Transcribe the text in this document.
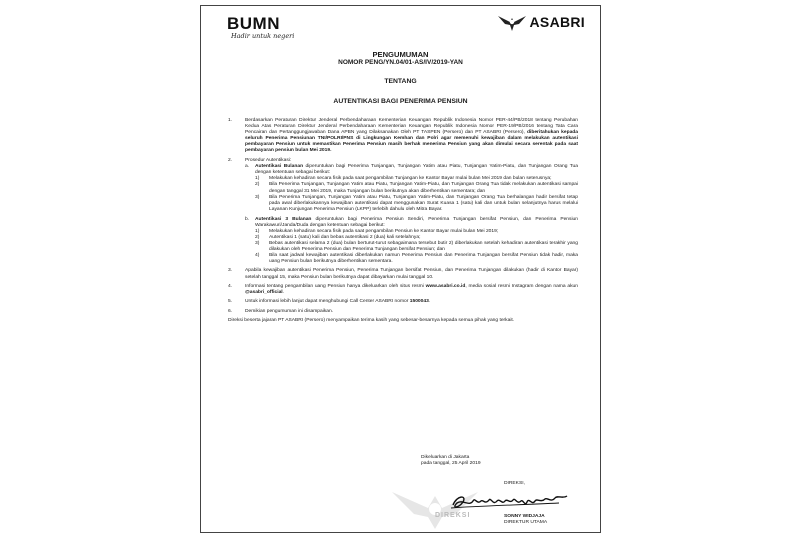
BUMN
Hadir untuk negeri
ASABRI
PENGUMUMAN
NOMOR PENG/YN.04/01-AS/IV/2019-YAN
TENTANG
AUTENTIKASI BAGI PENERIMA PENSIUN
1.	Berdasarkan Peraturan Direktur Jenderal Perbendaharaan Kementerian Keuangan Republik Indonesia Nomor PER-44/PB/2018 tentang Perubahan Kedua Atas Peraturan Direktur Jenderal Perbendaharaan Kementerian Keuangan Republik Indonesia Nomor PER-19/PB/2016 tentang Tata Cara Pencairan dan Pertanggungjawaban Dana APBN yang Dilaksanakan Oleh PT TASPEN (Persero) dan PT ASABRI (Persero), diberitahukan kepada seluruh Penerima Pensiunan TNI/POLRI/PNS di Lingkungan Kemhan dan Polri agar memenuhi kewajiban dalam melakukan autentikasi pembayaran Pensiun untuk memastikan Penerima Pensiun masih berhak menerima Pensiun yang akan dimulai secara serentak pada saat pembayaran pensiun bulan Mei 2019.
2.	Prosedur Autentikasi:
a. Autentikasi Bulanan diperuntukan bagi Penerima Tunjangan, Tunjangan Yatim atau Piatu, Tunjangan Yatim-Piatu, dan Tunjangan Orang Tua dengan ketentuan sebagai berikut:
1) Melakukan kehadiran secara fisik pada saat pengambilan Tunjangan ke Kantor Bayar mulai bulan Mei 2019 dan bulan seterusnya;
2) Bila Penerima Tunjangan, Tunjangan Yatim atau Piatu, Tunjangan Yatim-Piatu, dan Tunjangan Orang Tua tidak melakukan autentikasi sampai dengan tanggal 31 Mei 2019, maka Tunjangan bulan berikutnya akan diberhentikan sementara; dan
3) Bila Penerima Tunjangan, Tunjangan Yatim atau Piatu, Tunjangan Yatim-Piatu, dan Tunjangan Orang Tua berhalangan hadir bersifat tetap pada awal diberlakukannya kewajiban autentikasi dapat menggunakan Surat Kuasa 1 (satu) kali dan untuk bulan selanjutnya harus melalui Layanan Kunjungan Penerima Pensiun (LKPP) terlebih dahulu oleh Mitra Bayar.
b. Autentikasi 3 Bulanan diperuntukan bagi Penerima Pensiun Sendiri, Penerima Tunjangan bersifat Pensiun, dan Penerima Pensiun Warakawuri/Janda/Duda dengan ketentuan sebagai berikut:
1) Melakukan kehadiran secara fisik pada saat pengambilan Pensiun ke Kantor Bayar mulai bulan Mei 2019;
2) Autentikasi 1 (satu) kali dan bebas autentikasi 2 (dua) kali setelahnya;
3) Bebas autentikasi selama 2 (dua) bulan berturut-turut sebagaimana tersebut butir 2) diberlakukan setelah kehadiran autentikasi terakhir yang dilakukan oleh Penerima Pensiun dan Penerima Tunjangan bersifat Pensiun; dan
4) Bila saat jadwal kewajiban autentikasi diberlakukan namun Penerima Pensiun dan Penerima Tunjangan bersifat Pensiun tidak hadir, maka uang Pensiun bulan berikutnya diberhentikan sementara.
3.	Apabila kewajiban autentikasi Penerima Pensiun, Penerima Tunjangan bersifat Pensiun, dan Penerima Tunjangan dilakukan (hadir di Kantor Bayar) setelah tanggal 15, maka Pensiun bulan berikutnya dapat dibayarkan mulai tanggal 10.
4.	Informasi tentang pengambilan uang Pensiun hanya dikeluarkan oleh situs resmi www.asabri.co.id, media sosial resmi Instagram dengan nama akun @asabri_official.
5.	Untuk informasi lebih lanjut dapat menghubungi Call Center ASABRI nomor 1500043.
6.	Demikian pengumuman ini disampaikan.
Direksi beserta jajaran PT ASABRI (Persero) menyampaikan terima kasih yang sebesar-besarnya kepada semua pihak yang terkait.
Dikeluarkan di Jakarta
pada tanggal, 25 April 2019
DIREKSI
DIREKSI,
SONNY WIDJAJA
DIREKTUR UTAMA
